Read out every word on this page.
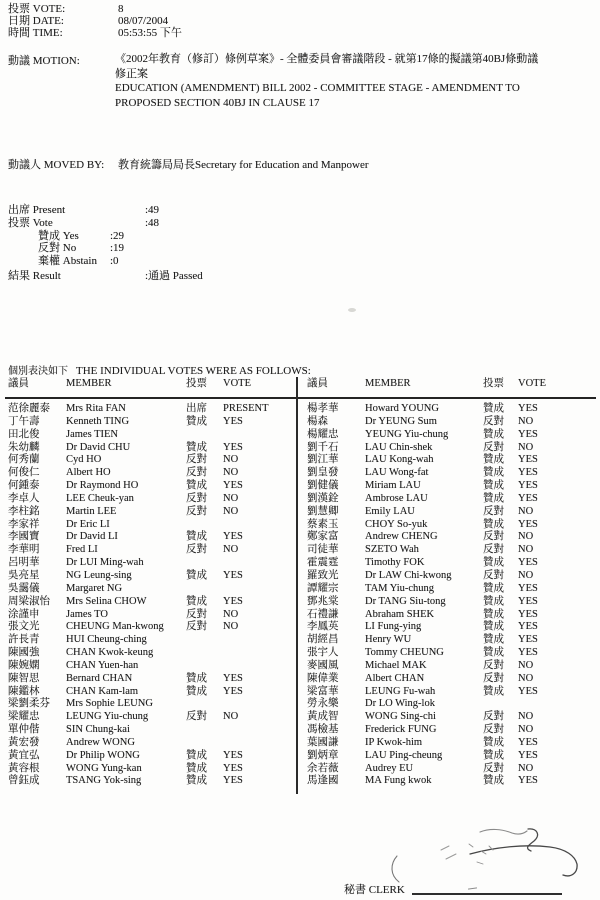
投票 VOTE:	8
日期 DATE:	08/07/2004
時間 TIME:	05:53:55 下午
動議 MOTION:	《2002年教育（修訂）條例草案》- 全體委員會審議階段 - 就第17條的擬議第40BJ條動議
修正案
EDUCATION (AMENDMENT) BILL 2002 - COMMITTEE STAGE - AMENDMENT TO
PROPOSED SECTION 40BJ IN CLAUSE 17
動議人 MOVED BY:	教育統籌局局長Secretary for Education and Manpower
出席 Present	:49
投票 Vote	:48
贊成 Yes	:29
反對 No	:19
棄權 Abstain	:0
結果 Result	:通過 Passed
個別表決如下 THE INDIVIDUAL VOTES WERE AS FOLLOWS:
議員	MEMBER	投票	VOTE
范徐麗泰	Mrs Rita FAN	出席	PRESENT
丁午壽	Kenneth TING	贊成	YES
田北俊	James TIEN
朱幼麟	Dr David CHU	贊成	YES
何秀蘭	Cyd HO	反對	NO
何俊仁	Albert HO	反對	NO
何鍾泰	Dr Raymond HO	贊成	YES
李卓人	LEE Cheuk-yan	反對	NO
李柱銘	Martin LEE	反對	NO
李家祥	Dr Eric LI
李國寶	Dr David LI	贊成	YES
李華明	Fred LI	反對	NO
呂明華	Dr LUI Ming-wah
吳亮星	NG Leung-sing	贊成	YES
吳靄儀	Margaret NG
周梁淑怡	Mrs Selina CHOW	贊成	YES
涂謹申	James TO	反對	NO
張文光	CHEUNG Man-kwong	反對	NO
許長青	HUI Cheung-ching
陳國強	CHAN Kwok-keung
陳婉嫻	CHAN Yuen-han
陳智思	Bernard CHAN	贊成	YES
陳鑑林	CHAN Kam-lam	贊成	YES
梁劉柔芬	Mrs Sophie LEUNG
梁耀忠	LEUNG Yiu-chung	反對	NO
單仲偕	SIN Chung-kai
黃宏發	Andrew WONG
黃宜弘	Dr Philip WONG	贊成	YES
黃容根	WONG Yung-kan	贊成	YES
曾鈺成	TSANG Yok-sing	贊成	YES
議員	MEMBER	投票	VOTE
楊孝華	Howard YOUNG	贊成	YES
楊森	Dr YEUNG Sum	反對	NO
楊耀忠	YEUNG Yiu-chung	贊成	YES
劉千石	LAU Chin-shek	反對	NO
劉江華	LAU Kong-wah	贊成	YES
劉皇發	LAU Wong-fat	贊成	YES
劉健儀	Miriam LAU	贊成	YES
劉漢銓	Ambrose LAU	贊成	YES
劉慧卿	Emily LAU	反對	NO
蔡素玉	CHOY So-yuk	贊成	YES
鄭家富	Andrew CHENG	反對	NO
司徒華	SZETO Wah	反對	NO
霍震霆	Timothy FOK	贊成	YES
羅致光	Dr LAW Chi-kwong	反對	NO
譚耀宗	TAM Yiu-chung	贊成	YES
鄧兆棠	Dr TANG Siu-tong	贊成	YES
石禮謙	Abraham SHEK	贊成	YES
李鳳英	LI Fung-ying	贊成	YES
胡經昌	Henry WU	贊成	YES
張宇人	Tommy CHEUNG	贊成	YES
麥國風	Michael MAK	反對	NO
陳偉業	Albert CHAN	反對	NO
梁富華	LEUNG Fu-wah	贊成	YES
勞永樂	Dr LO Wing-lok
黃成智	WONG Sing-chi	反對	NO
馮檢基	Frederick FUNG	反對	NO
葉國謙	IP Kwok-him	贊成	YES
劉炳章	LAU Ping-cheung	贊成	YES
余若薇	Audrey EU	反對	NO
馬逢國	MA Fung kwok	贊成	YES
秘書 CLERK
